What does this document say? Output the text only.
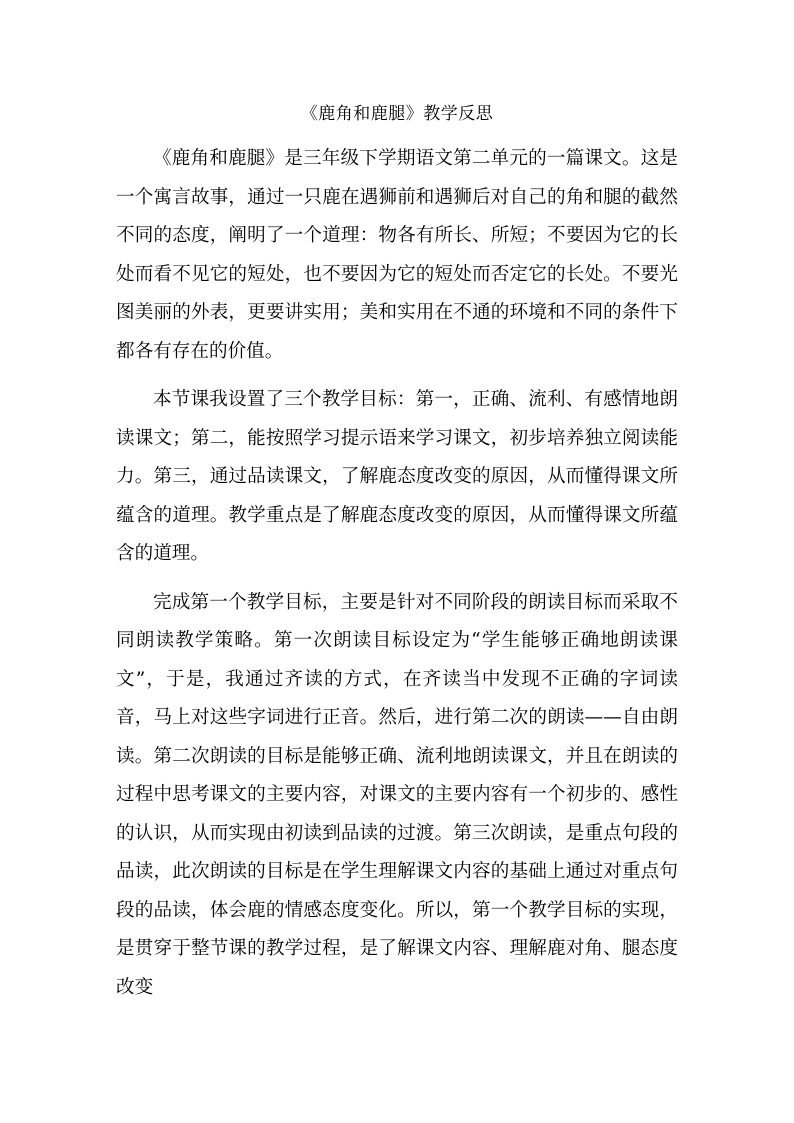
《鹿角和鹿腿》教学反思

《鹿角和鹿腿》是三年级下学期语文第二单元的一篇课文。这是一个寓言故事，通过一只鹿在遇狮前和遇狮后对自己的角和腿的截然不同的态度，阐明了一个道理：物各有所长、所短；不要因为它的长处而看不见它的短处，也不要因为它的短处而否定它的长处。不要光图美丽的外表，更要讲实用；美和实用在不通的环境和不同的条件下都各有存在的价值。

本节课我设置了三个教学目标：第一，正确、流利、有感情地朗读课文；第二，能按照学习提示语来学习课文，初步培养独立阅读能力。第三，通过品读课文，了解鹿态度改变的原因，从而懂得课文所蕴含的道理。教学重点是了解鹿态度改变的原因，从而懂得课文所蕴含的道理。

完成第一个教学目标，主要是针对不同阶段的朗读目标而采取不同朗读教学策略。第一次朗读目标设定为“学生能够正确地朗读课文”，于是，我通过齐读的方式，在齐读当中发现不正确的字词读音，马上对这些字词进行正音。然后，进行第二次的朗读——自由朗读。第二次朗读的目标是能够正确、流利地朗读课文，并且在朗读的过程中思考课文的主要内容，对课文的主要内容有一个初步的、感性的认识，从而实现由初读到品读的过渡。第三次朗读，是重点句段的品读，此次朗读的目标是在学生理解课文内容的基础上通过对重点句段的品读，体会鹿的情感态度变化。所以，第一个教学目标的实现，是贯穿于整节课的教学过程，是了解课文内容、理解鹿对角、腿态度改变
